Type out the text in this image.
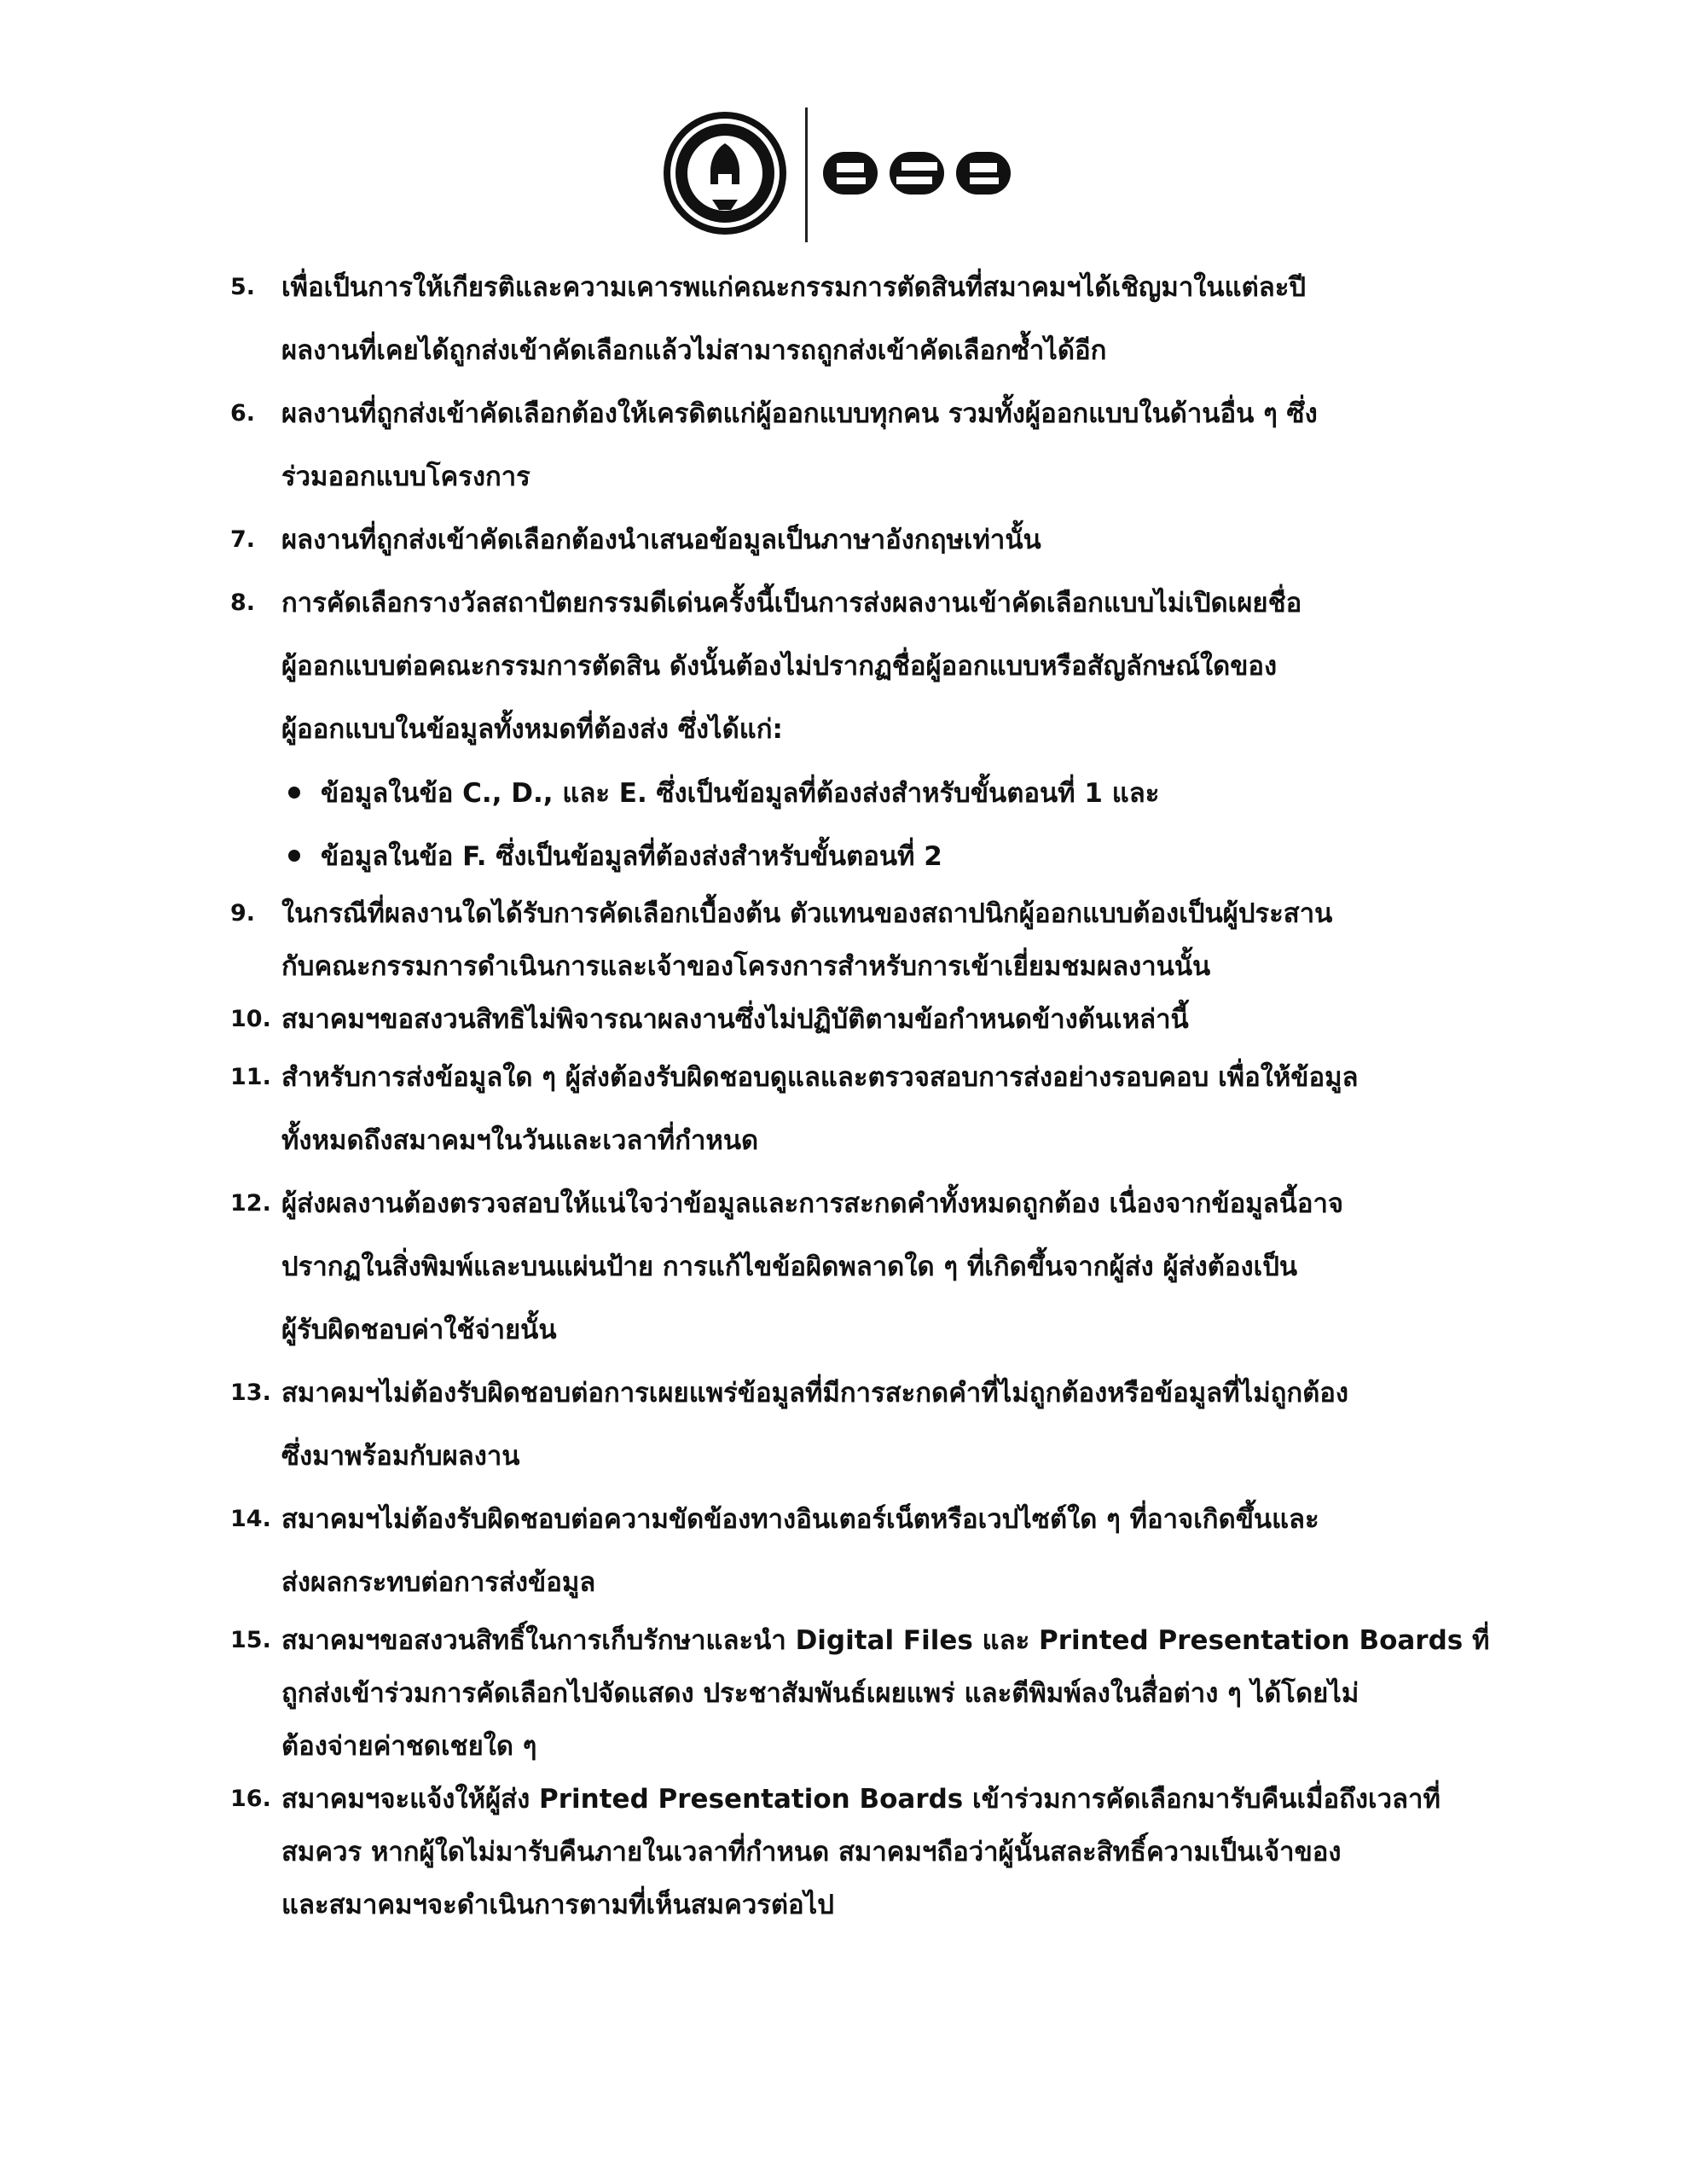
5. เพื่อเป็นการให้เกียรติและความเคารพแก่คณะกรรมการตัดสินที่สมาคมฯได้เชิญมาในแต่ละปี
ผลงานที่เคยได้ถูกส่งเข้าคัดเลือกแล้วไม่สามารถถูกส่งเข้าคัดเลือกซ้ำได้อีก
6. ผลงานที่ถูกส่งเข้าคัดเลือกต้องให้เครดิตแก่ผู้ออกแบบทุกคน รวมทั้งผู้ออกแบบในด้านอื่น ๆ ซึ่ง
ร่วมออกแบบโครงการ
7. ผลงานที่ถูกส่งเข้าคัดเลือกต้องนำเสนอข้อมูลเป็นภาษาอังกฤษเท่านั้น
8. การคัดเลือกรางวัลสถาปัตยกรรมดีเด่นครั้งนี้เป็นการส่งผลงานเข้าคัดเลือกแบบไม่เปิดเผยชื่อ
ผู้ออกแบบต่อคณะกรรมการตัดสิน ดังนั้นต้องไม่ปรากฏชื่อผู้ออกแบบหรือสัญลักษณ์ใดของ
ผู้ออกแบบในข้อมูลทั้งหมดที่ต้องส่ง ซึ่งได้แก่:
ข้อมูลในข้อ C., D., และ E. ซึ่งเป็นข้อมูลที่ต้องส่งสำหรับขั้นตอนที่ 1 และ
ข้อมูลในข้อ F. ซึ่งเป็นข้อมูลที่ต้องส่งสำหรับขั้นตอนที่ 2
9. ในกรณีที่ผลงานใดได้รับการคัดเลือกเบื้องต้น ตัวแทนของสถาปนิกผู้ออกแบบต้องเป็นผู้ประสาน
กับคณะกรรมการดำเนินการและเจ้าของโครงการสำหรับการเข้าเยี่ยมชมผลงานนั้น
10. สมาคมฯขอสงวนสิทธิไม่พิจารณาผลงานซึ่งไม่ปฏิบัติตามข้อกำหนดข้างต้นเหล่านี้
11. สำหรับการส่งข้อมูลใด ๆ ผู้ส่งต้องรับผิดชอบดูแลและตรวจสอบการส่งอย่างรอบคอบ เพื่อให้ข้อมูล
ทั้งหมดถึงสมาคมฯในวันและเวลาที่กำหนด
12. ผู้ส่งผลงานต้องตรวจสอบให้แน่ใจว่าข้อมูลและการสะกดคำทั้งหมดถูกต้อง เนื่องจากข้อมูลนี้อาจ
ปรากฏในสิ่งพิมพ์และบนแผ่นป้าย การแก้ไขข้อผิดพลาดใด ๆ ที่เกิดขึ้นจากผู้ส่ง ผู้ส่งต้องเป็น
ผู้รับผิดชอบค่าใช้จ่ายนั้น
13. สมาคมฯไม่ต้องรับผิดชอบต่อการเผยแพร่ข้อมูลที่มีการสะกดคำที่ไม่ถูกต้องหรือข้อมูลที่ไม่ถูกต้อง
ซึ่งมาพร้อมกับผลงาน
14. สมาคมฯไม่ต้องรับผิดชอบต่อความขัดข้องทางอินเตอร์เน็ตหรือเวปไซต์ใด ๆ ที่อาจเกิดขึ้นและ
ส่งผลกระทบต่อการส่งข้อมูล
15. สมาคมฯขอสงวนสิทธิ์ในการเก็บรักษาและนำ Digital Files และ Printed Presentation Boards ที่
ถูกส่งเข้าร่วมการคัดเลือกไปจัดแสดง ประชาสัมพันธ์เผยแพร่ และตีพิมพ์ลงในสื่อต่าง ๆ ได้โดยไม่
ต้องจ่ายค่าชดเชยใด ๆ
16. สมาคมฯจะแจ้งให้ผู้ส่ง Printed Presentation Boards เข้าร่วมการคัดเลือกมารับคืนเมื่อถึงเวลาที่
สมควร หากผู้ใดไม่มารับคืนภายในเวลาที่กำหนด สมาคมฯถือว่าผู้นั้นสละสิทธิ์ความเป็นเจ้าของ
และสมาคมฯจะดำเนินการตามที่เห็นสมควรต่อไป
